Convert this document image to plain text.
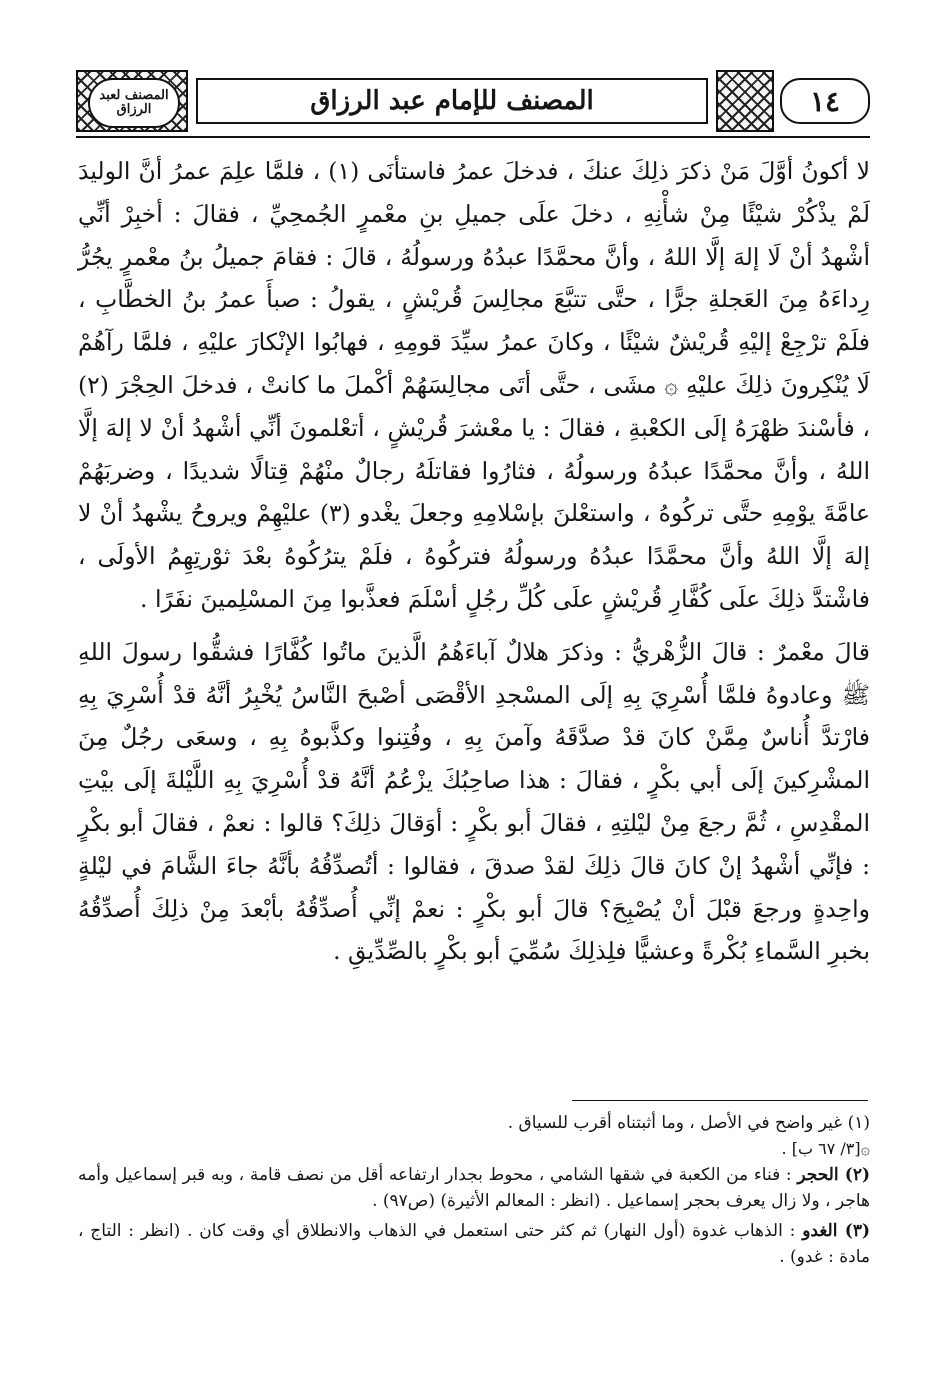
المصنف لعبد الرزاق	المصنف للإمام عبد الرزاق	١٤

لا أكونُ أوَّلَ مَنْ ذكرَ ذلِكَ عنكَ ، فدخلَ عمرُ فاستأنَى (١) ، فلمَّا علِمَ عمرُ أنَّ الوليدَ لَمْ يذْكُرْ شيْئًا مِنْ شأْنِهِ ، دخلَ علَى جميلِ بنِ معْمرٍ الجُمحِيِّ ، فقالَ : أخبِرْ أنِّي أشْهدُ أنْ لَا إلهَ إلَّا اللهُ ، وأنَّ محمَّدًا عبدُهُ ورسولُهُ ، قالَ : فقامَ جميلُ بنُ معْمرٍ يجُرُّ رِداءَهُ مِنَ العَجلةِ جرًّا ، حتَّى تتبَّعَ مجالِسَ قُريْشٍ ، يقولُ : صبأَ عمرُ بنُ الخطَّابِ ، فلَمْ ترْجِعْ إليْهِ قُريْشٌ شيْئًا ، وكانَ عمرُ سيِّدَ قومِهِ ، فهابُوا الإنْكارَ عليْهِ ، فلمَّا رآهُمْ لَا يُنْكِرونَ ذلِكَ عليْهِ ۞ مشَى ، حتَّى أتَى مجالِسَهُمْ أكْملَ ما كانتْ ، فدخلَ الحِجْرَ (٢) ، فأسْندَ ظهْرَهُ إلَى الكعْبةِ ، فقالَ : يا معْشرَ قُريْشٍ ، أتعْلمونَ أنِّي أشْهدُ أنْ لا إلهَ إلَّا اللهُ ، وأنَّ محمَّدًا عبدُهُ ورسولُهُ ، فثارُوا فقاتلَهُ رجالٌ منْهُمْ قِتالًا شديدًا ، وضربَهُمْ عامَّةَ يوْمِهِ حتَّى تركُوهُ ، واستعْلنَ بإسْلامِهِ وجعلَ يغْدو (٣) عليْهِمْ ويروحُ يشْهدُ أنْ لا إلهَ إلَّا اللهُ وأنَّ محمَّدًا عبدُهُ ورسولُهُ فتركُوهُ ، فلَمْ يترُكُوهُ بعْدَ ثوْرتِهِمُ الأولَى ، فاشْتدَّ ذلِكَ علَى كُفَّارِ قُريْشٍ علَى كُلِّ رجُلٍ أسْلَمَ فعذَّبوا مِنَ المسْلِمينَ نفَرًا .

قالَ معْمرٌ : قالَ الزُّهْريُّ : وذكرَ هلالٌ آباءَهُمُ الَّذينَ ماتُوا كُفَّارًا فشقُّوا رسولَ اللهِ ﷺ وعادوهُ فلمَّا أُسْرِيَ بِهِ إلَى المسْجدِ الأقْصَى أصْبحَ النَّاسُ يُخْبِرُ أنَّهُ قدْ أُسْرِيَ بِهِ فارْتدَّ أُناسٌ مِمَّنْ كانَ قدْ صدَّقَهُ وآمنَ بِهِ ، وفُتِنوا وكذَّبوهُ بِهِ ، وسعَى رجُلٌ مِنَ المشْرِكينَ إلَى أبي بكْرٍ ، فقالَ : هذا صاحِبُكَ يزْعُمُ أنَّهُ قدْ أُسْرِيَ بِهِ اللَّيْلةَ إلَى بيْتِ المقْدِسِ ، ثُمَّ رجعَ مِنْ ليْلتِهِ ، فقالَ أبو بكْرٍ : أوَقالَ ذلِكَ؟ قالوا : نعمْ ، فقالَ أبو بكْرٍ : فإنِّي أشْهدُ إنْ كانَ قالَ ذلِكَ لقدْ صدقَ ، فقالوا : أتُصدِّقُهُ بأنَّهُ جاءَ الشَّامَ في ليْلةٍ واحِدةٍ ورجعَ قبْلَ أنْ يُصْبِحَ؟ قالَ أبو بكْرٍ : نعمْ إنِّي أُصدِّقُهُ بأبْعدَ مِنْ ذلِكَ أُصدِّقُهُ بخبرِ السَّماءِ بُكْرةً وعشيًّا فلِذلِكَ سُمِّيَ أبو بكْرٍ بالصِّدِّيقِ .

(١) غير واضح في الأصل ، وما أثبتناه أقرب للسياق .

۞[٣/ ٦٧ ب] .

(٢) الحجر : فناء من الكعبة في شقها الشامي ، محوط بجدار ارتفاعه أقل من نصف قامة ، وبه قبر إسماعيل وأمه هاجر ، ولا زال يعرف بحجر إسماعيل . (انظر : المعالم الأثيرة) (ص٩٧) .

(٣) الغدو : الذهاب غدوة (أول النهار) ثم كثر حتى استعمل في الذهاب والانطلاق أي وقت كان . (انظر : التاج ، مادة : غدو) .
